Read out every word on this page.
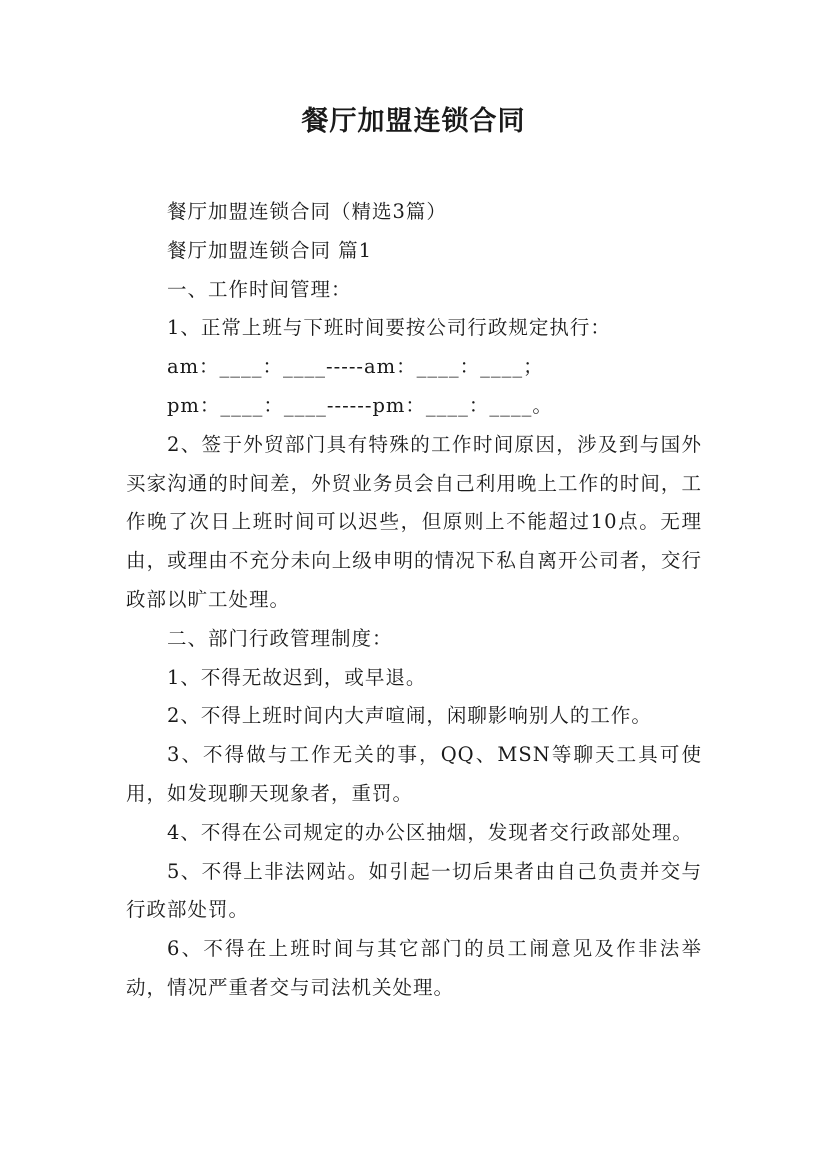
餐厅加盟连锁合同

餐厅加盟连锁合同（精选3篇）

餐厅加盟连锁合同 篇1

一、工作时间管理：

1、正常上班与下班时间要按公司行政规定执行：

am：____：____-----am：____：____；

pm：____：____------pm：____：____。

2、签于外贸部门具有特殊的工作时间原因，涉及到与国外买家沟通的时间差，外贸业务员会自己利用晚上工作的时间，工作晚了次日上班时间可以迟些，但原则上不能超过10点。无理由，或理由不充分未向上级申明的情况下私自离开公司者，交行政部以旷工处理。

二、部门行政管理制度：

1、不得无故迟到，或早退。

2、不得上班时间内大声喧闹，闲聊影响别人的工作。

3、不得做与工作无关的事，QQ、MSN等聊天工具可使用，如发现聊天现象者，重罚。

4、不得在公司规定的办公区抽烟，发现者交行政部处理。

5、不得上非法网站。如引起一切后果者由自己负责并交与行政部处罚。

6、不得在上班时间与其它部门的员工闹意见及作非法举动，情况严重者交与司法机关处理。
